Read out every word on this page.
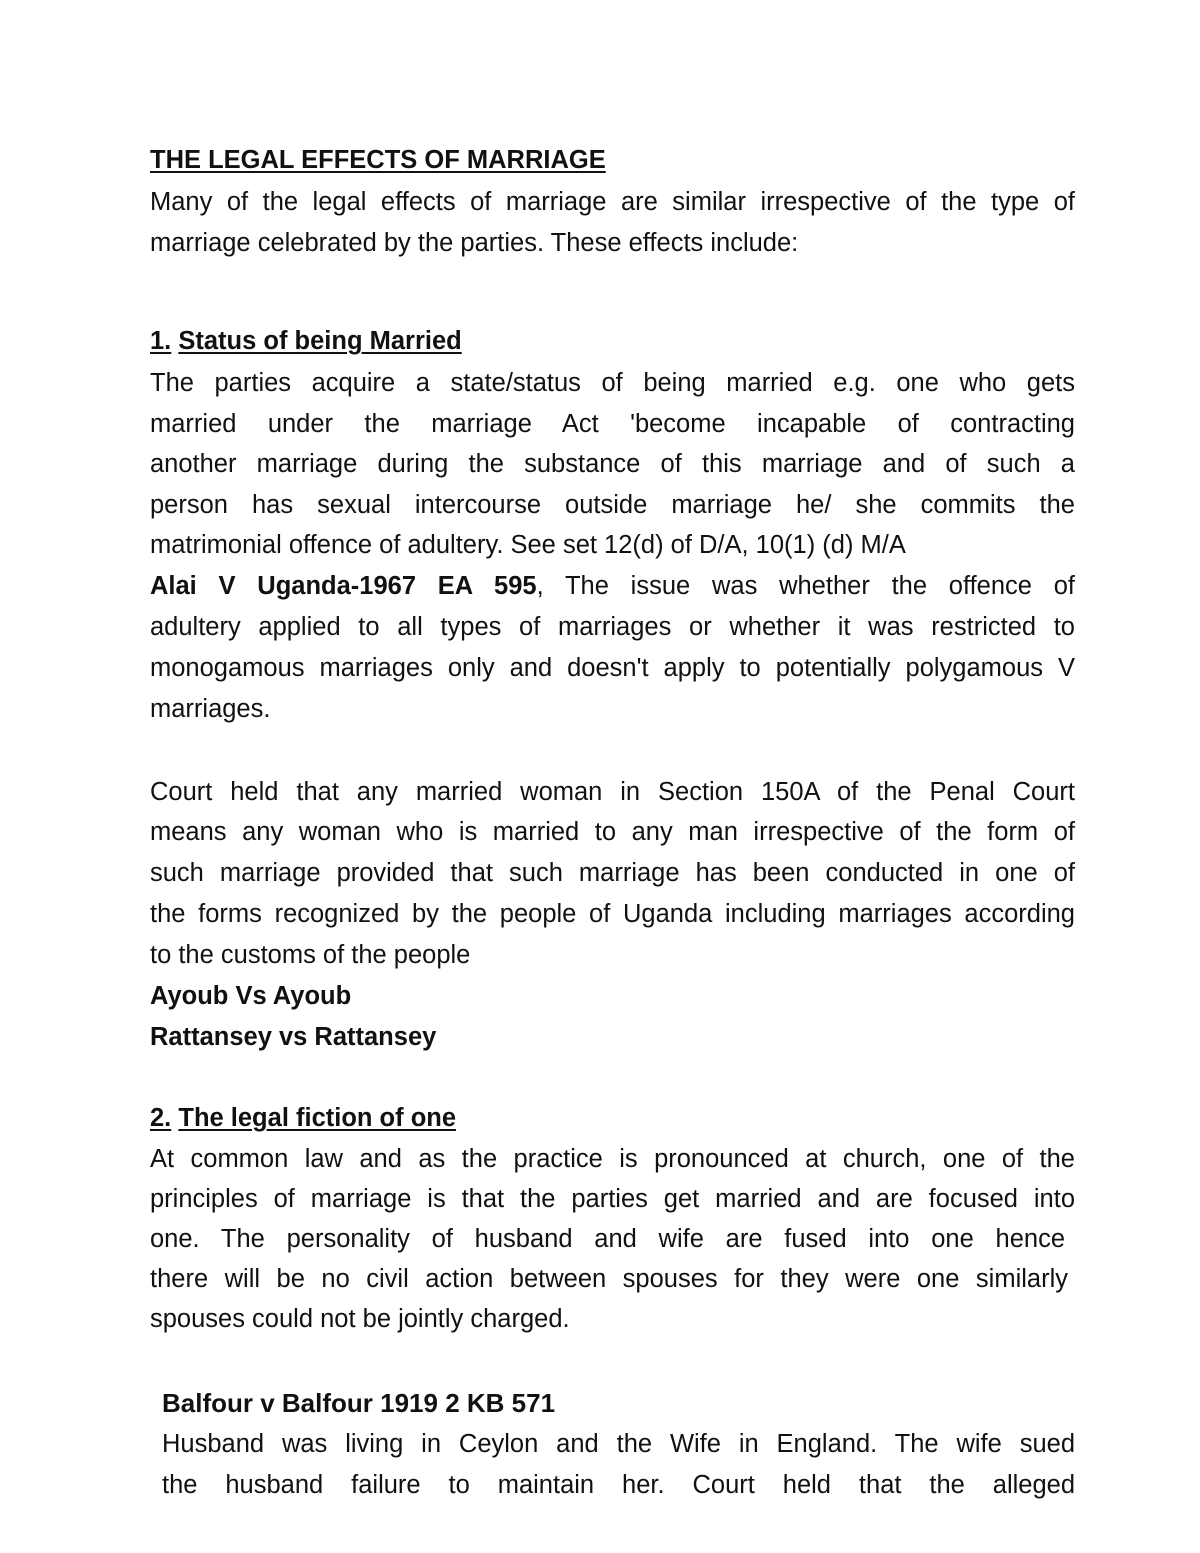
THE LEGAL EFFECTS OF MARRIAGE
Many of the legal effects of marriage are similar irrespective of the type of
marriage celebrated by the parties. These effects include:
1. Status of being Married
The parties acquire a state/status of being married e.g. one who gets
married under the marriage Act 'become incapable of contracting
another marriage during the substance of this marriage and of such a
person has sexual intercourse outside marriage he/ she commits the
matrimonial offence of adultery. See set 12(d) of D/A, 10(1) (d) M/A
Alai V Uganda-1967 EA 595, The issue was whether the offence of
adultery applied to all types of marriages or whether it was restricted to
monogamous marriages only and doesn't apply to potentially polygamous V
marriages.
Court held that any married woman in Section 150A of the Penal Court
means any woman who is married to any man irrespective of the form of
such marriage provided that such marriage has been conducted in one of
the forms recognized by the people of Uganda including marriages according
to the customs of the people
Ayoub Vs Ayoub
Rattansey vs Rattansey
2. The legal fiction of one
At common law and as the practice is pronounced at church, one of the
principles of marriage is that the parties get married and are focused into
one. The personality of husband and wife are fused into one hence
there will be no civil action between spouses for they were one similarly
spouses could not be jointly charged.
Balfour v Balfour 1919 2 KB 571
Husband was living in Ceylon and the Wife in England. The wife sued
the husband failure to maintain her. Court held that the alleged
